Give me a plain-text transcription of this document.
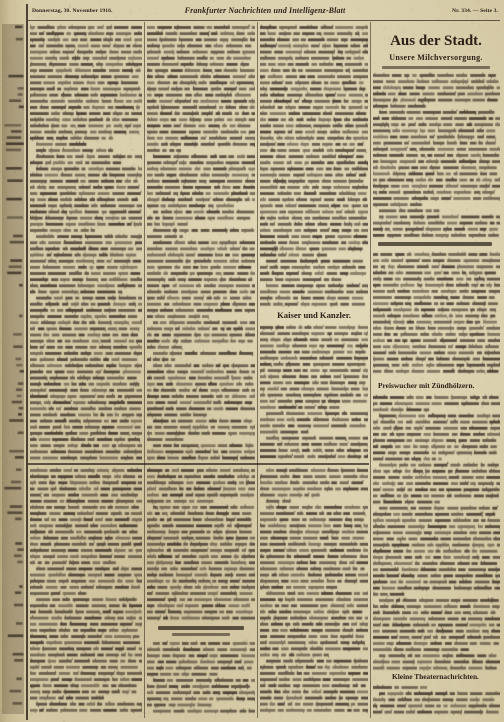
Donnerstag, 30. November 1916.	Frankfurter Nachrichten und Intelligenz-Blatt	Nr. 334. — Seite 3.
Kaiser und Kanzler.
Aus der Stadt.
Unsere Milchversorgung.
Preiswucher mit Zündhölzern.
Kleine Theaternachrichten.
